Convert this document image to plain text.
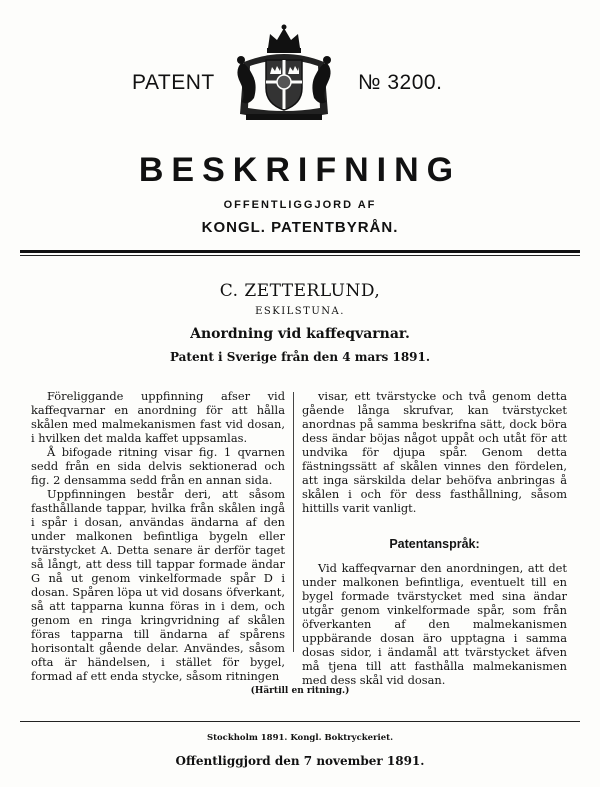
PATENT	№ 3200.
BESKRIFNING
OFFENTLIGGJORD AF
KONGL. PATENTBYRÅN.
C. ZETTERLUND,
ESKILSTUNA.
Anordning vid kaffeqvarnar.
Patent i Sverige från den 4 mars 1891.

Föreliggande uppfinning afser vid kaffeqvarnar en anordning för att hålla skålen med malmekanismen fast vid dosan, i hvilken det malda kaffet uppsamlas.

Å bifogade ritning visar fig. 1 qvarnen sedd från en sida delvis sektionerad och fig. 2 densamma sedd från en annan sida.

Uppfinningen består deri, att såsom fasthållande tappar, hvilka från skålen ingå i spår i dosan, användas ändarna af den under malkonen befintliga bygeln eller tvärstycket A. Detta senare är derför taget så långt, att dess till tappar formade ändar G nå ut genom vinkelformade spår D i dosan. Spåren löpa ut vid dosans öfverkant, så att tapparna kunna föras in i dem, och genom en ringa kringvridning af skålen föras tapparna till ändarna af spårens horisontalt gående delar. Användes, såsom ofta är händelsen, i stället för bygel, formad af ett enda stycke, såsom ritningen

visar, ett tvärstycke och två genom detta gående långa skrufvar, kan tvärstycket anordnas på samma beskrifna sätt, dock böra dess ändar böjas något uppåt och utåt för att undvika för djupa spår. Genom detta fästningssätt af skålen vinnes den fördelen, att inga särskilda delar behöfva anbringas å skålen i och för dess fasthållning, såsom hittills varit vanligt.

Patentanspråk:

Vid kaffeqvarnar den anordningen, att det under malkonen befintliga, eventuelt till en bygel formade tvärstycket med sina ändar utgår genom vinkelformade spår, som från öfverkanten af den malmekanismen uppbärande dosan äro upptagna i samma dosas sidor, i ändamål att tvärstycket äfven må tjena till att fasthålla malmekanismen med dess skål vid dosan.

(Härtill en ritning.)
Stockholm 1891. Kongl. Boktryckeriet.
Offentliggjord den 7 november 1891.
